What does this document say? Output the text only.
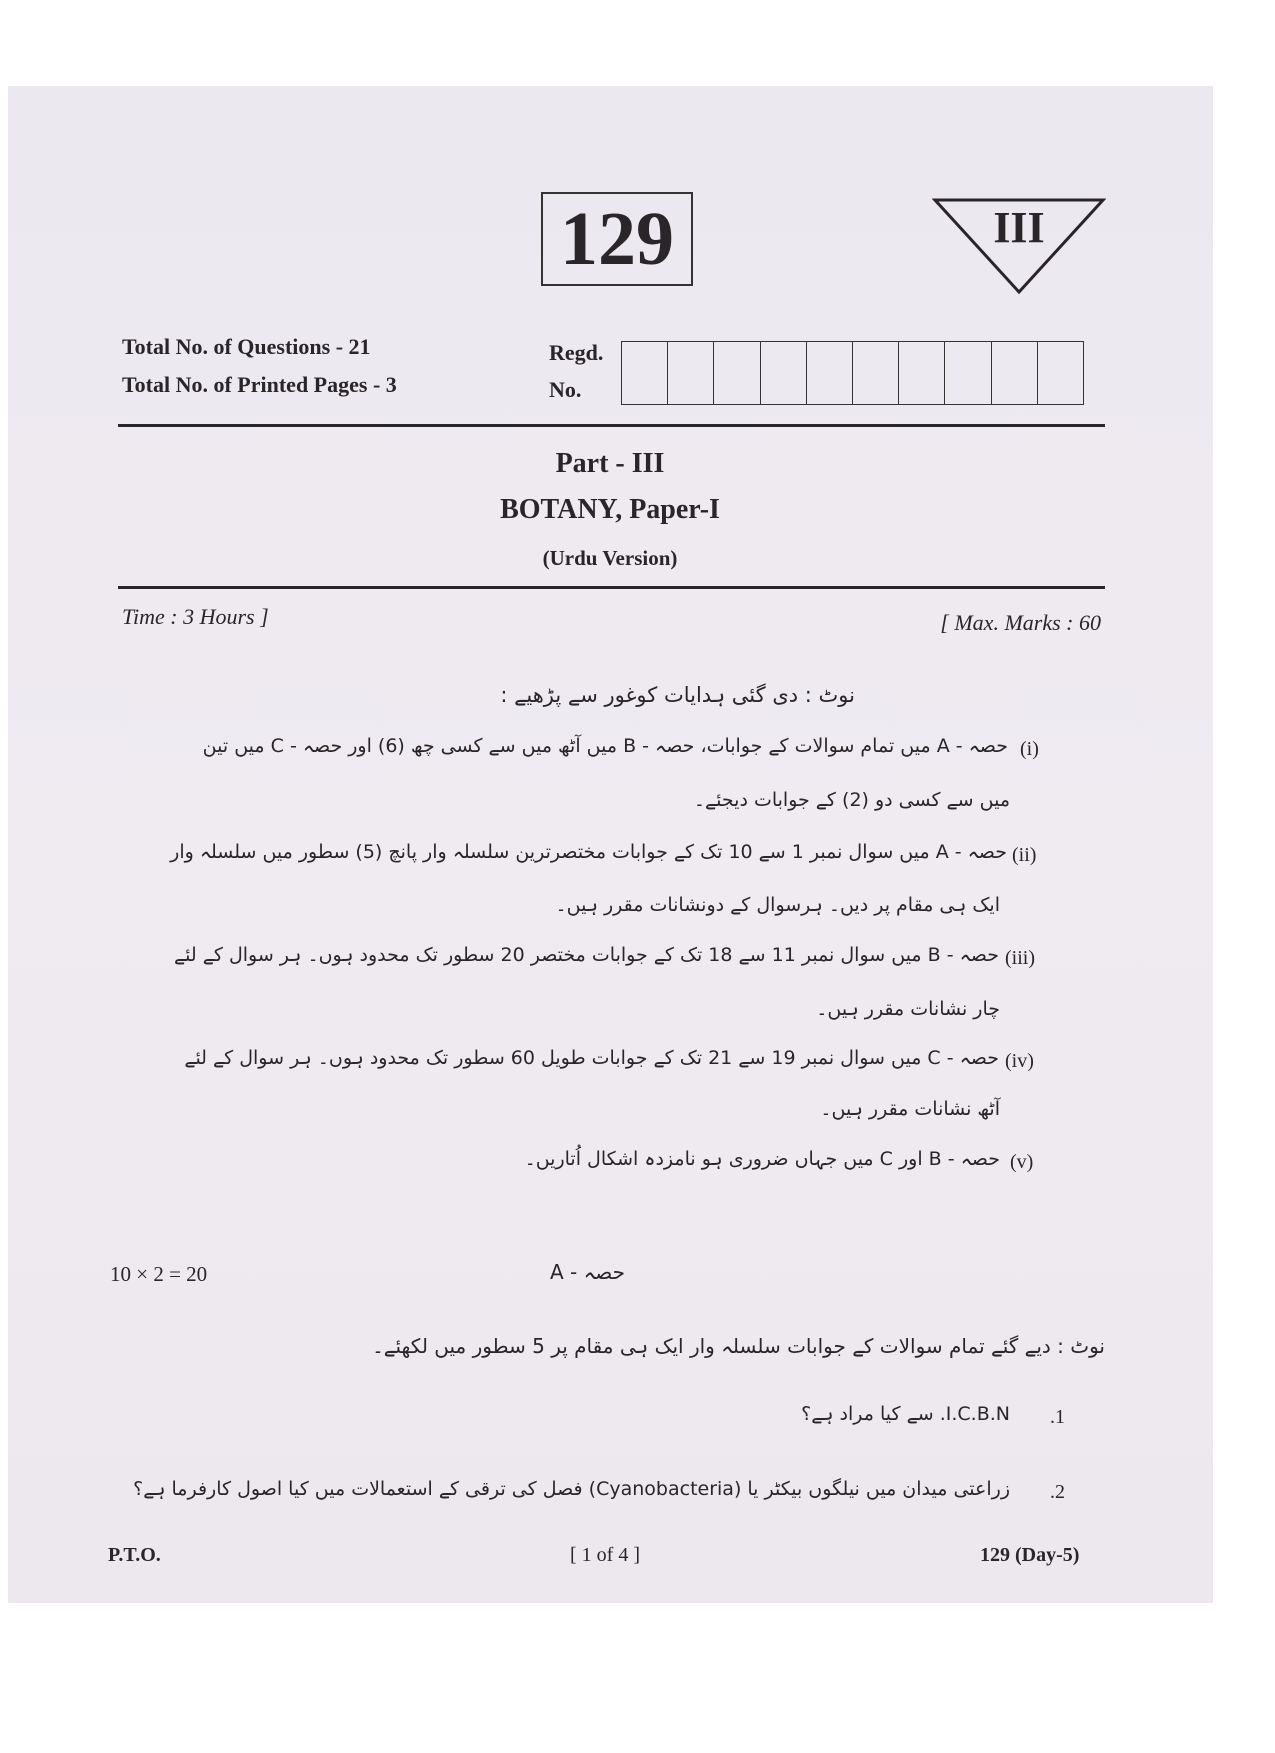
129	III
Total No. of Questions - 21
Total No. of Printed Pages - 3
Regd.
No.
Part - III
BOTANY, Paper-I
(Urdu Version)
Time : 3 Hours ]	[ Max. Marks : 60
نوٹ : دی گئی ہدایات کوغور سے پڑھیے :
(i)
حصہ - A میں تمام سوالات کے جوابات، حصہ - B میں آٹھ میں سے کسی چھ (6) اور حصہ - C میں تین
میں سے کسی دو (2) کے جوابات دیجئے۔
(ii)
حصہ - A میں سوال نمبر 1 سے 10 تک کے جوابات مختصرترین سلسلہ وار پانچ (5) سطور میں سلسلہ وار
ایک ہی مقام پر دیں۔ ہرسوال کے دونشانات مقرر ہیں۔
(iii)
حصہ - B میں سوال نمبر 11 سے 18 تک کے جوابات مختصر 20 سطور تک محدود ہوں۔ ہر سوال کے لئے
چار نشانات مقرر ہیں۔
(iv)
حصہ - C میں سوال نمبر 19 سے 21 تک کے جوابات طویل 60 سطور تک محدود ہوں۔ ہر سوال کے لئے
آٹھ نشانات مقرر ہیں۔
(v)
حصہ - B اور C میں جہاں ضروری ہو نامزدہ اشکال اُتاریں۔
10 × 2 = 20	حصہ - A
نوٹ : دیے گئے تمام سوالات کے جوابات سلسلہ وار ایک ہی مقام پر 5 سطور میں لکھئے۔
.1
I.C.B.N. سے کیا مراد ہے؟
.2
زراعتی میدان میں نیلگوں بیکٹر یا (Cyanobacteria) فصل کی ترقی کے استعمالات میں کیا اصول کارفرما ہے؟
P.T.O.	[ 1 of 4 ]	129 (Day-5)
